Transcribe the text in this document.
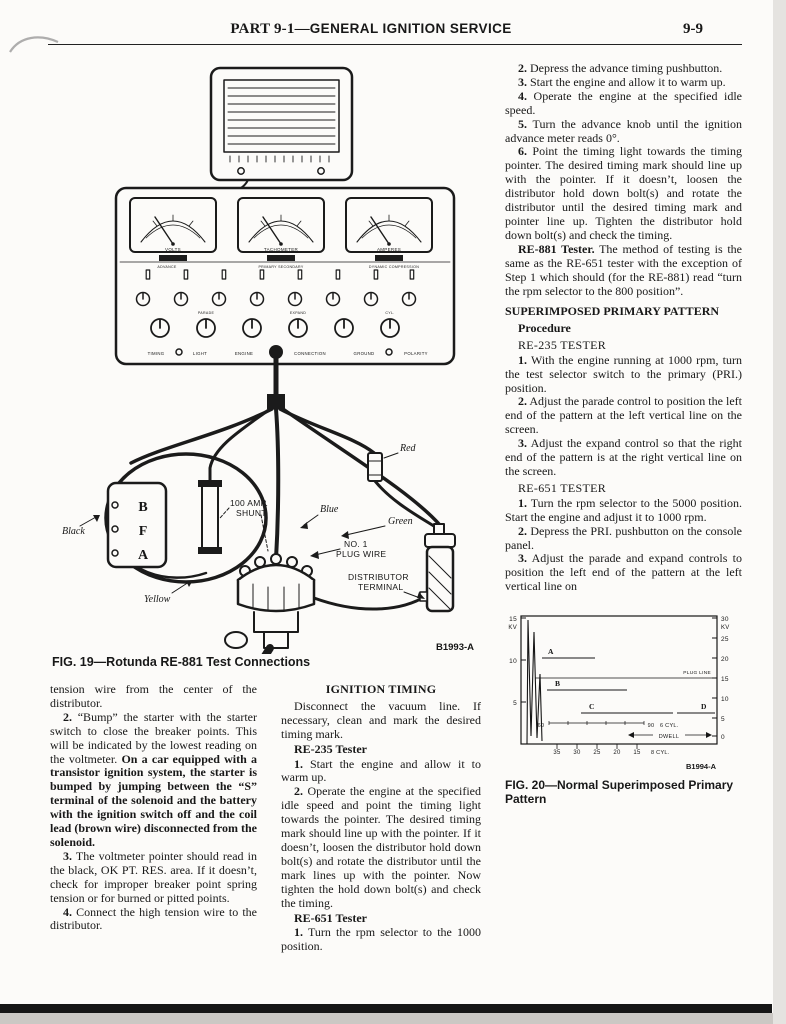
PART 9-1—GENERAL IGNITION SERVICE	9-9
VOLTS	TACHOMETER	AMPERES
ADVANCE	PRIMARY SECONDARY	DYNAMIC COMPRESSION
PARADE	EXPAND	CYL.
TIMING	LIGHT	ENGINE	CONNECTION	GROUND	POLARITY
100 AMP.
SHUNT
Red
Blue
Green
Black
Yellow
B
F
A
NO. 1
PLUG WIRE
DISTRIBUTOR
TERMINAL
B1993-A
FIG. 19—Rotunda RE-881 Test Connections

tension wire from the center of the distributor.

2. “Bump” the starter with the starter switch to close the breaker points. This will be indicated by the lowest reading on the voltmeter. On a car equipped with a transistor ignition system, the starter is bumped by jumping between the “S” terminal of the solenoid and the battery with the ignition switch off and the coil lead (brown wire) disconnected from the solenoid.

3. The voltmeter pointer should read in the black, OK PT. RES. area. If it doesn’t, check for improper breaker point spring tension or for burned or pitted points.

4. Connect the high tension wire to the distributor.

IGNITION TIMING

Disconnect the vacuum line. If necessary, clean and mark the desired timing mark.

RE-235 Tester

1. Start the engine and allow it to warm up.

2. Operate the engine at the specified idle speed and point the timing light towards the pointer. The desired timing mark should line up with the pointer. If it doesn’t, loosen the distributor hold down bolt(s) and rotate the distributor until the mark lines up with the pointer. Now tighten the hold down bolt(s) and check the timing.

RE-651 Tester

1. Turn the rpm selector to the 1000 position.

2. Depress the advance timing pushbutton.

3. Start the engine and allow it to warm up.

4. Operate the engine at the specified idle speed.

5. Turn the advance knob until the ignition advance meter reads 0°.

6. Point the timing light towards the timing pointer. The desired timing mark should line up with the pointer. If it doesn’t, loosen the distributor hold down bolt(s) and rotate the distributor until the desired timing mark and pointer line up. Tighten the distributor hold down bolt(s) and check the timing.

RE-881 Tester. The method of testing is the same as the RE-651 tester with the exception of Step 1 which should (for the RE-881) read “turn the rpm selector to the 800 position”.

SUPERIMPOSED PRIMARY PATTERN

Procedure

RE-235 TESTER

1. With the engine running at 1000 rpm, turn the test selector switch to the primary (PRI.) position.

2. Adjust the parade control to position the left end of the pattern at the left vertical line on the screen.

3. Adjust the expand control so that the right end of the pattern is at the right vertical line on the screen.

RE-651 TESTER

1. Turn the rpm selector to the 5000 position. Start the engine and adjust it to 1000 rpm.

2. Depress the PRI. pushbutton on the console panel.

3. Adjust the parade and expand controls to position the left end of the pattern at the left vertical line on

15
KV
10
5
30
KV
25
20
15
10
5
0
PLUG LINE
A
B
C	D
60	90 6 CYL.
DWELL
35 30 25 20 15 8 CYL.
B1994-A

FIG. 20—Normal Superimposed Primary Pattern
